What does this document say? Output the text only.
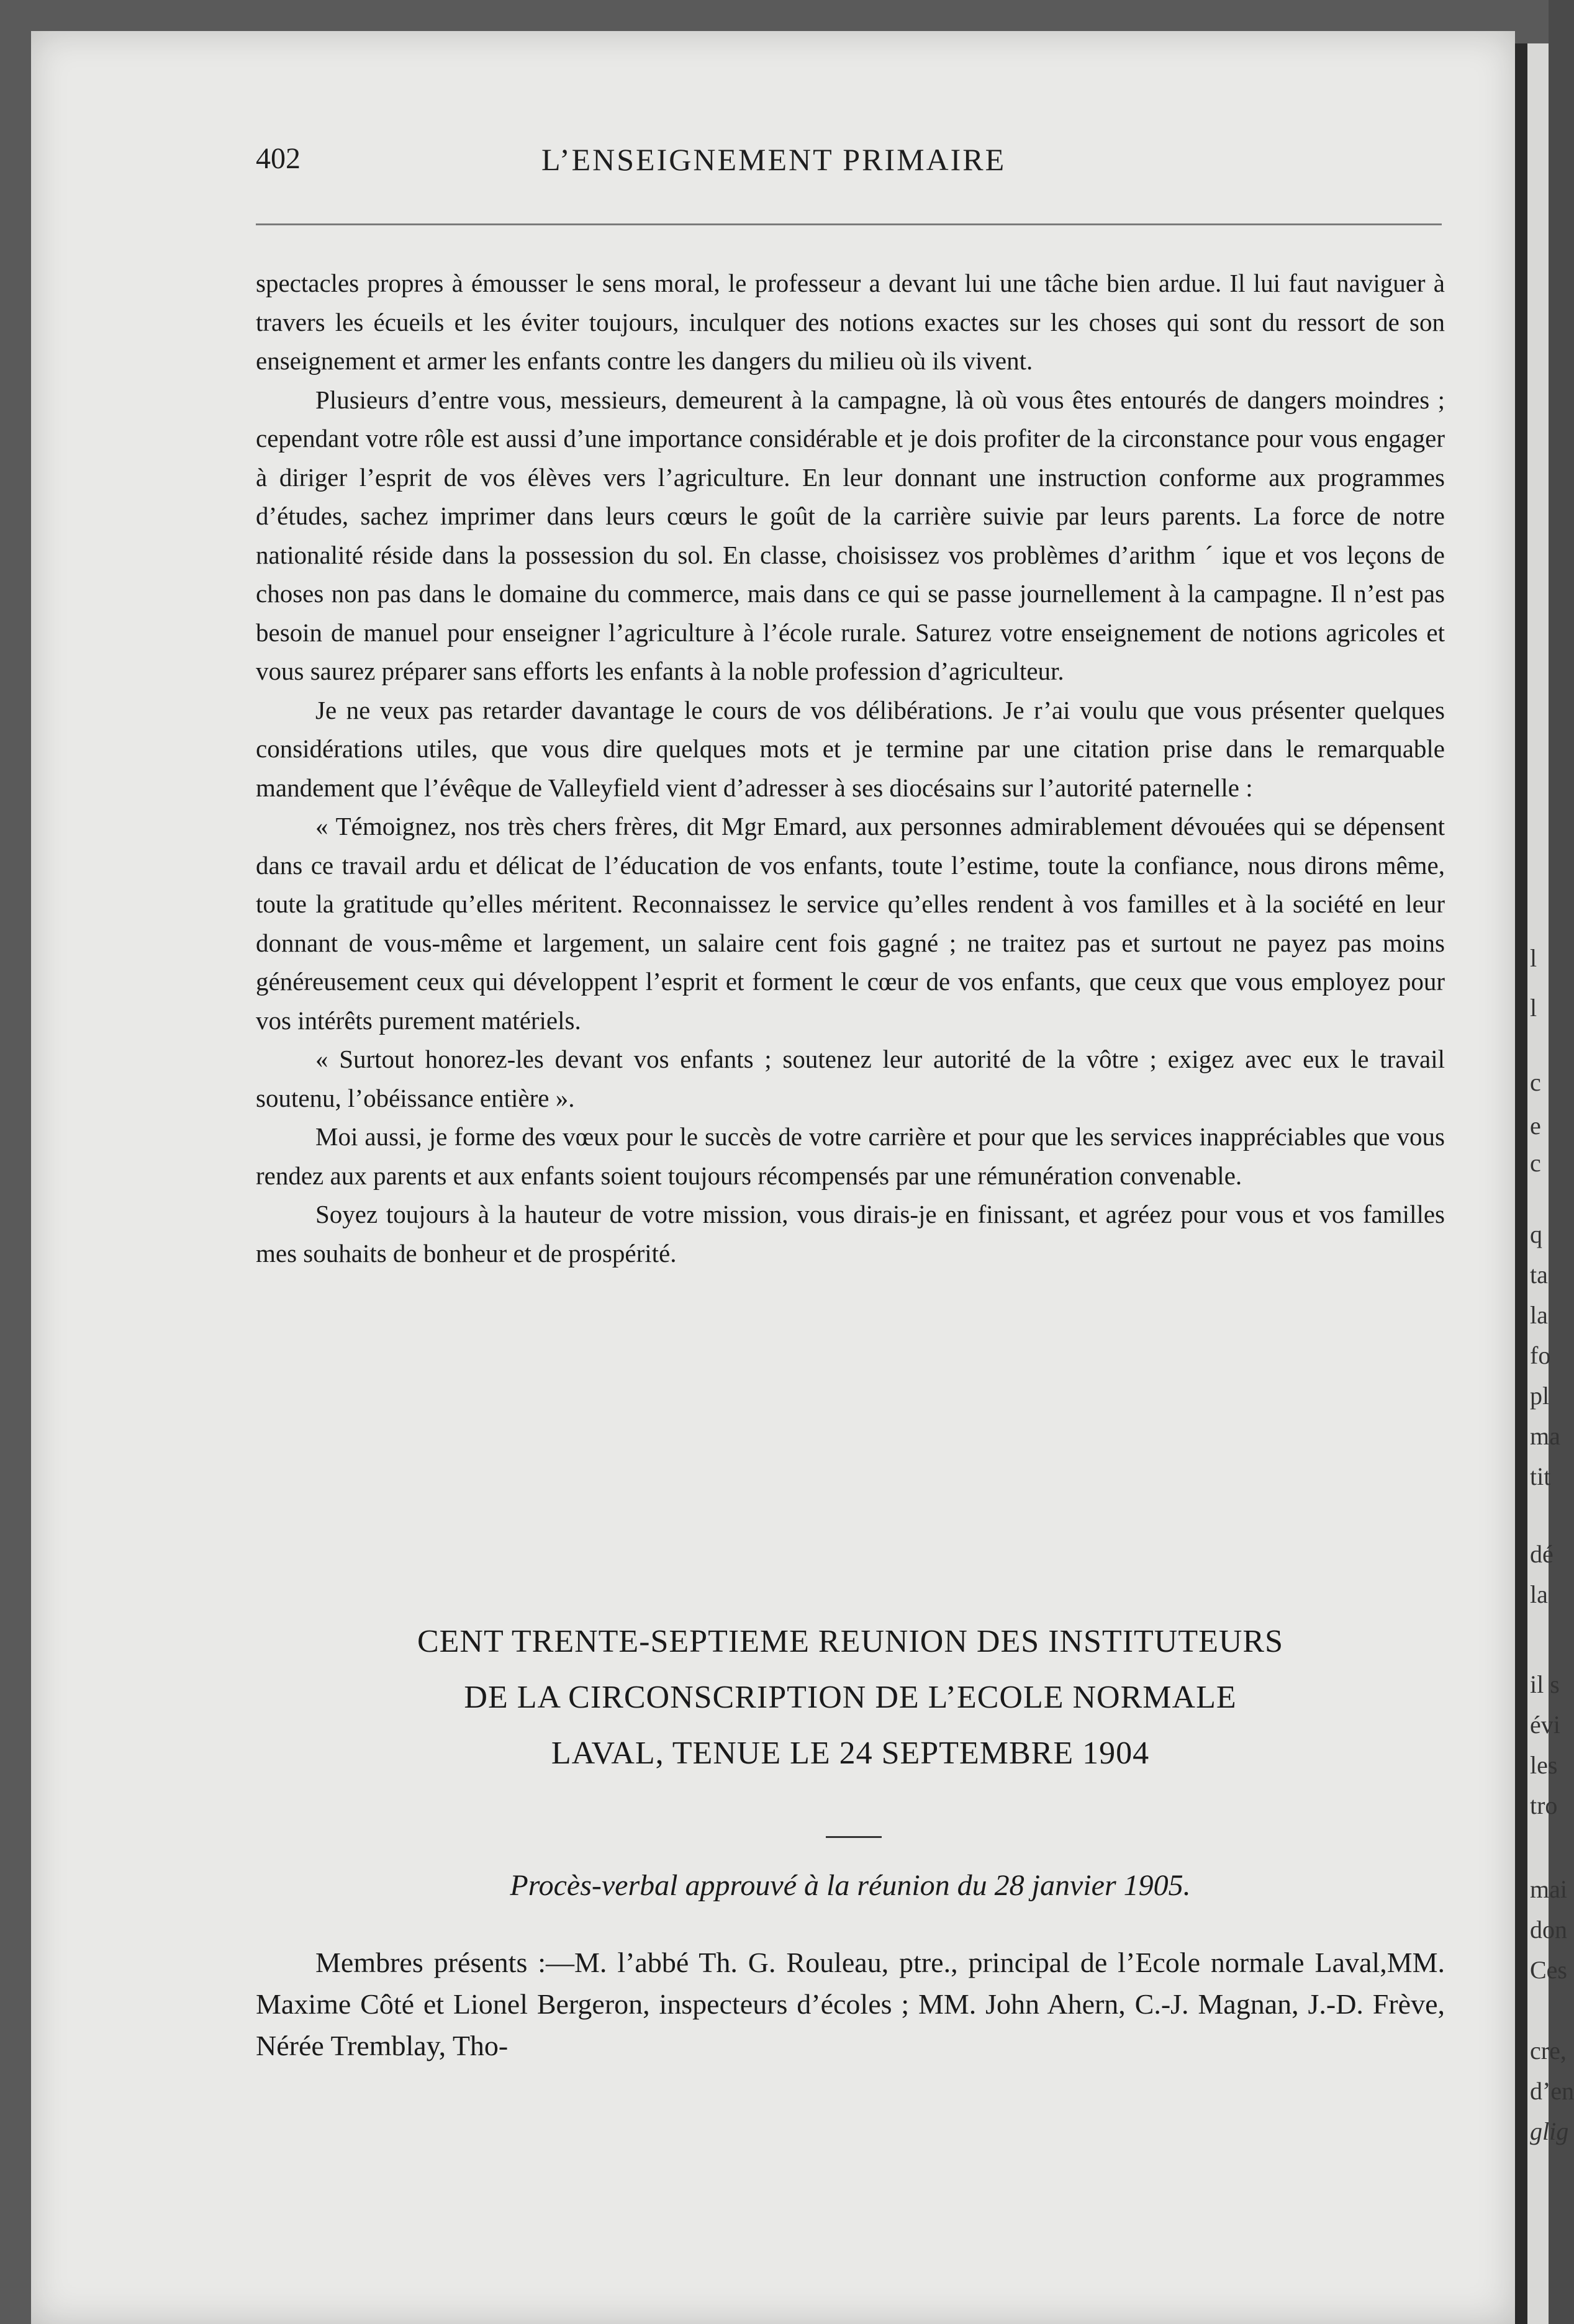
l
l
c
e
c
q
ta
la
fo
pl
ma
tit
dé
la
il s
évi
les
tro
mai
don
Ces
cre,
d’en
glig
402	L’ENSEIGNEMENT PRIMAIRE

spectacles propres à émousser le sens moral, le professeur a devant lui une tâche bien ardue. Il lui faut naviguer à travers les écueils et les éviter toujours, inculquer des notions exactes sur les choses qui sont du ressort de son enseignement et armer les enfants contre les dangers du milieu où ils vivent.

Plusieurs d’entre vous, messieurs, demeurent à la campagne, là où vous êtes entourés de dangers moindres ; cependant votre rôle est aussi d’une importance considérable et je dois profiter de la circonstance pour vous engager à diriger l’esprit de vos élèves vers l’agriculture. En leur donnant une instruction conforme aux programmes d’études, sachez imprimer dans leurs cœurs le goût de la carrière suivie par leurs parents. La force de notre nationalité réside dans la possession du sol. En classe, choisissez vos problèmes d’arithm ´ ique et vos leçons de choses non pas dans le domaine du commerce, mais dans ce qui se passe journellement à la campagne. Il n’est pas besoin de manuel pour enseigner l’agriculture à l’école rurale. Saturez votre enseignement de notions agricoles et vous saurez préparer sans efforts les enfants à la noble profession d’agriculteur.

Je ne veux pas retarder davantage le cours de vos délibérations. Je r’ai voulu que vous présenter quelques considérations utiles, que vous dire quelques mots et je termine par une citation prise dans le remarquable mandement que l’évêque de Valleyfield vient d’adresser à ses diocésains sur l’autorité paternelle :

« Témoignez, nos très chers frères, dit Mgr Emard, aux personnes admirablement dévouées qui se dépensent dans ce travail ardu et délicat de l’éducation de vos enfants, toute l’estime, toute la confiance, nous dirons même, toute la gratitude qu’elles méritent. Reconnaissez le service qu’elles rendent à vos familles et à la société en leur donnant de vous-même et largement, un salaire cent fois gagné ; ne traitez pas et surtout ne payez pas moins généreusement ceux qui développent l’esprit et forment le cœur de vos enfants, que ceux que vous employez pour vos intérêts purement matériels.

« Surtout honorez-les devant vos enfants ; soutenez leur autorité de la vôtre ; exigez avec eux le travail soutenu, l’obéissance entière ».

Moi aussi, je forme des vœux pour le succès de votre carrière et pour que les services inappréciables que vous rendez aux parents et aux enfants soient toujours récompensés par une rémunération convenable.

Soyez toujours à la hauteur de votre mission, vous dirais-je en finissant, et agréez pour vous et vos familles mes souhaits de bonheur et de prospérité.

CENT TRENTE-SEPTIEME REUNION DES INSTITUTEURS
DE LA CIRCONSCRIPTION DE L’ECOLE NORMALE
LAVAL, TENUE LE 24 SEPTEMBRE 1904
Procès-verbal approuvé à la réunion du 28 janvier 1905.

Membres présents :—M. l’abbé Th. G. Rouleau, ptre., principal de l’Ecole normale Laval,MM. Maxime Côté et Lionel Bergeron, inspecteurs d’écoles ; MM. John Ahern, C.-J. Magnan, J.-D. Frève, Nérée Tremblay, Tho-
